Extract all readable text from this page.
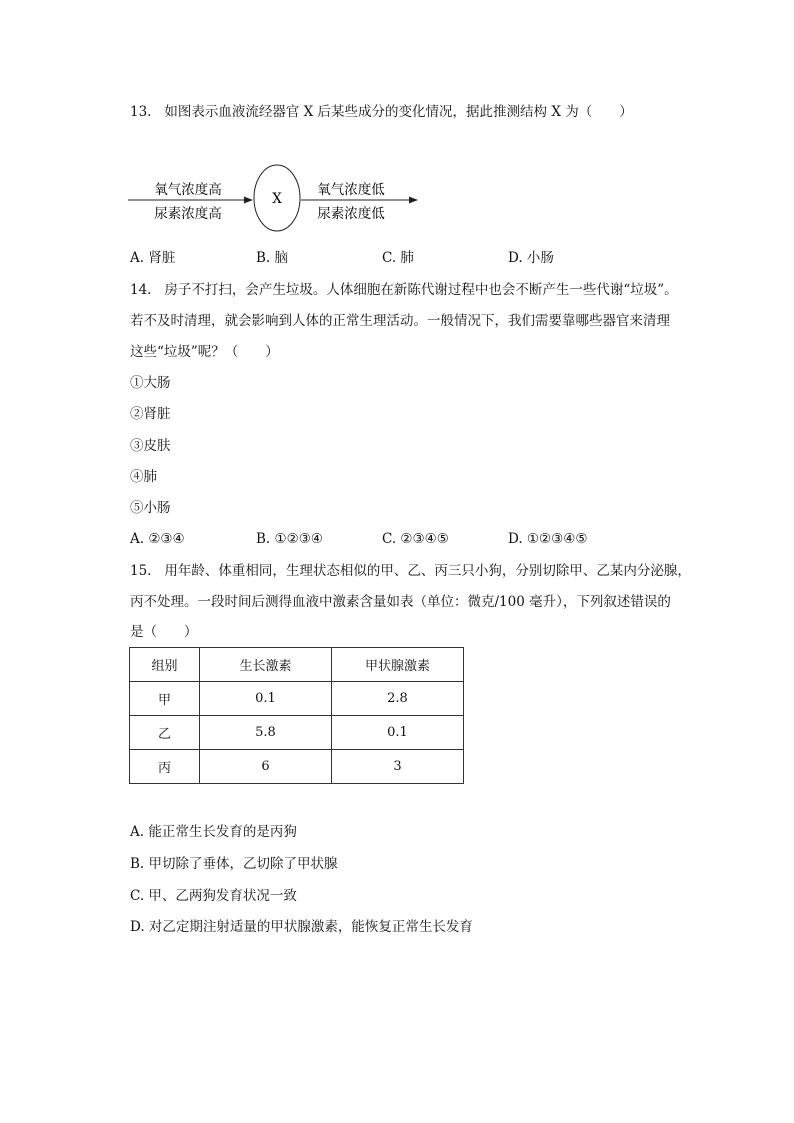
13. 如图表示血液流经器官 X 后某些成分的变化情况，据此推测结构 X 为（　　）
氧气浓度高
尿素浓度高
X
氧气浓度低
尿素浓度低
A. 肾脏	B. 脑	C. 肺	D. 小肠
14. 房子不打扫，会产生垃圾。人体细胞在新陈代谢过程中也会不断产生一些代谢“垃圾”。
若不及时清理，就会影响到人体的正常生理活动。一般情况下，我们需要靠哪些器官来清理
这些“垃圾”呢？（　　）
①大肠
②肾脏
③皮肤
④肺
⑤小肠
A. ②③④	B. ①②③④	C. ②③④⑤	D. ①②③④⑤
15. 用年龄、体重相同，生理状态相似的甲、乙、丙三只小狗，分别切除甲、乙某内分泌腺，
丙不处理。一段时间后测得血液中激素含量如表（单位：微克/100 毫升），下列叙述错误的
是（　　）
组别	生长激素	甲状腺激素
甲	0.1	2.8
乙	5.8	0.1
丙	6	3
A. 能正常生长发育的是丙狗
B. 甲切除了垂体，乙切除了甲状腺
C. 甲、乙两狗发育状况一致
D. 对乙定期注射适量的甲状腺激素，能恢复正常生长发育
